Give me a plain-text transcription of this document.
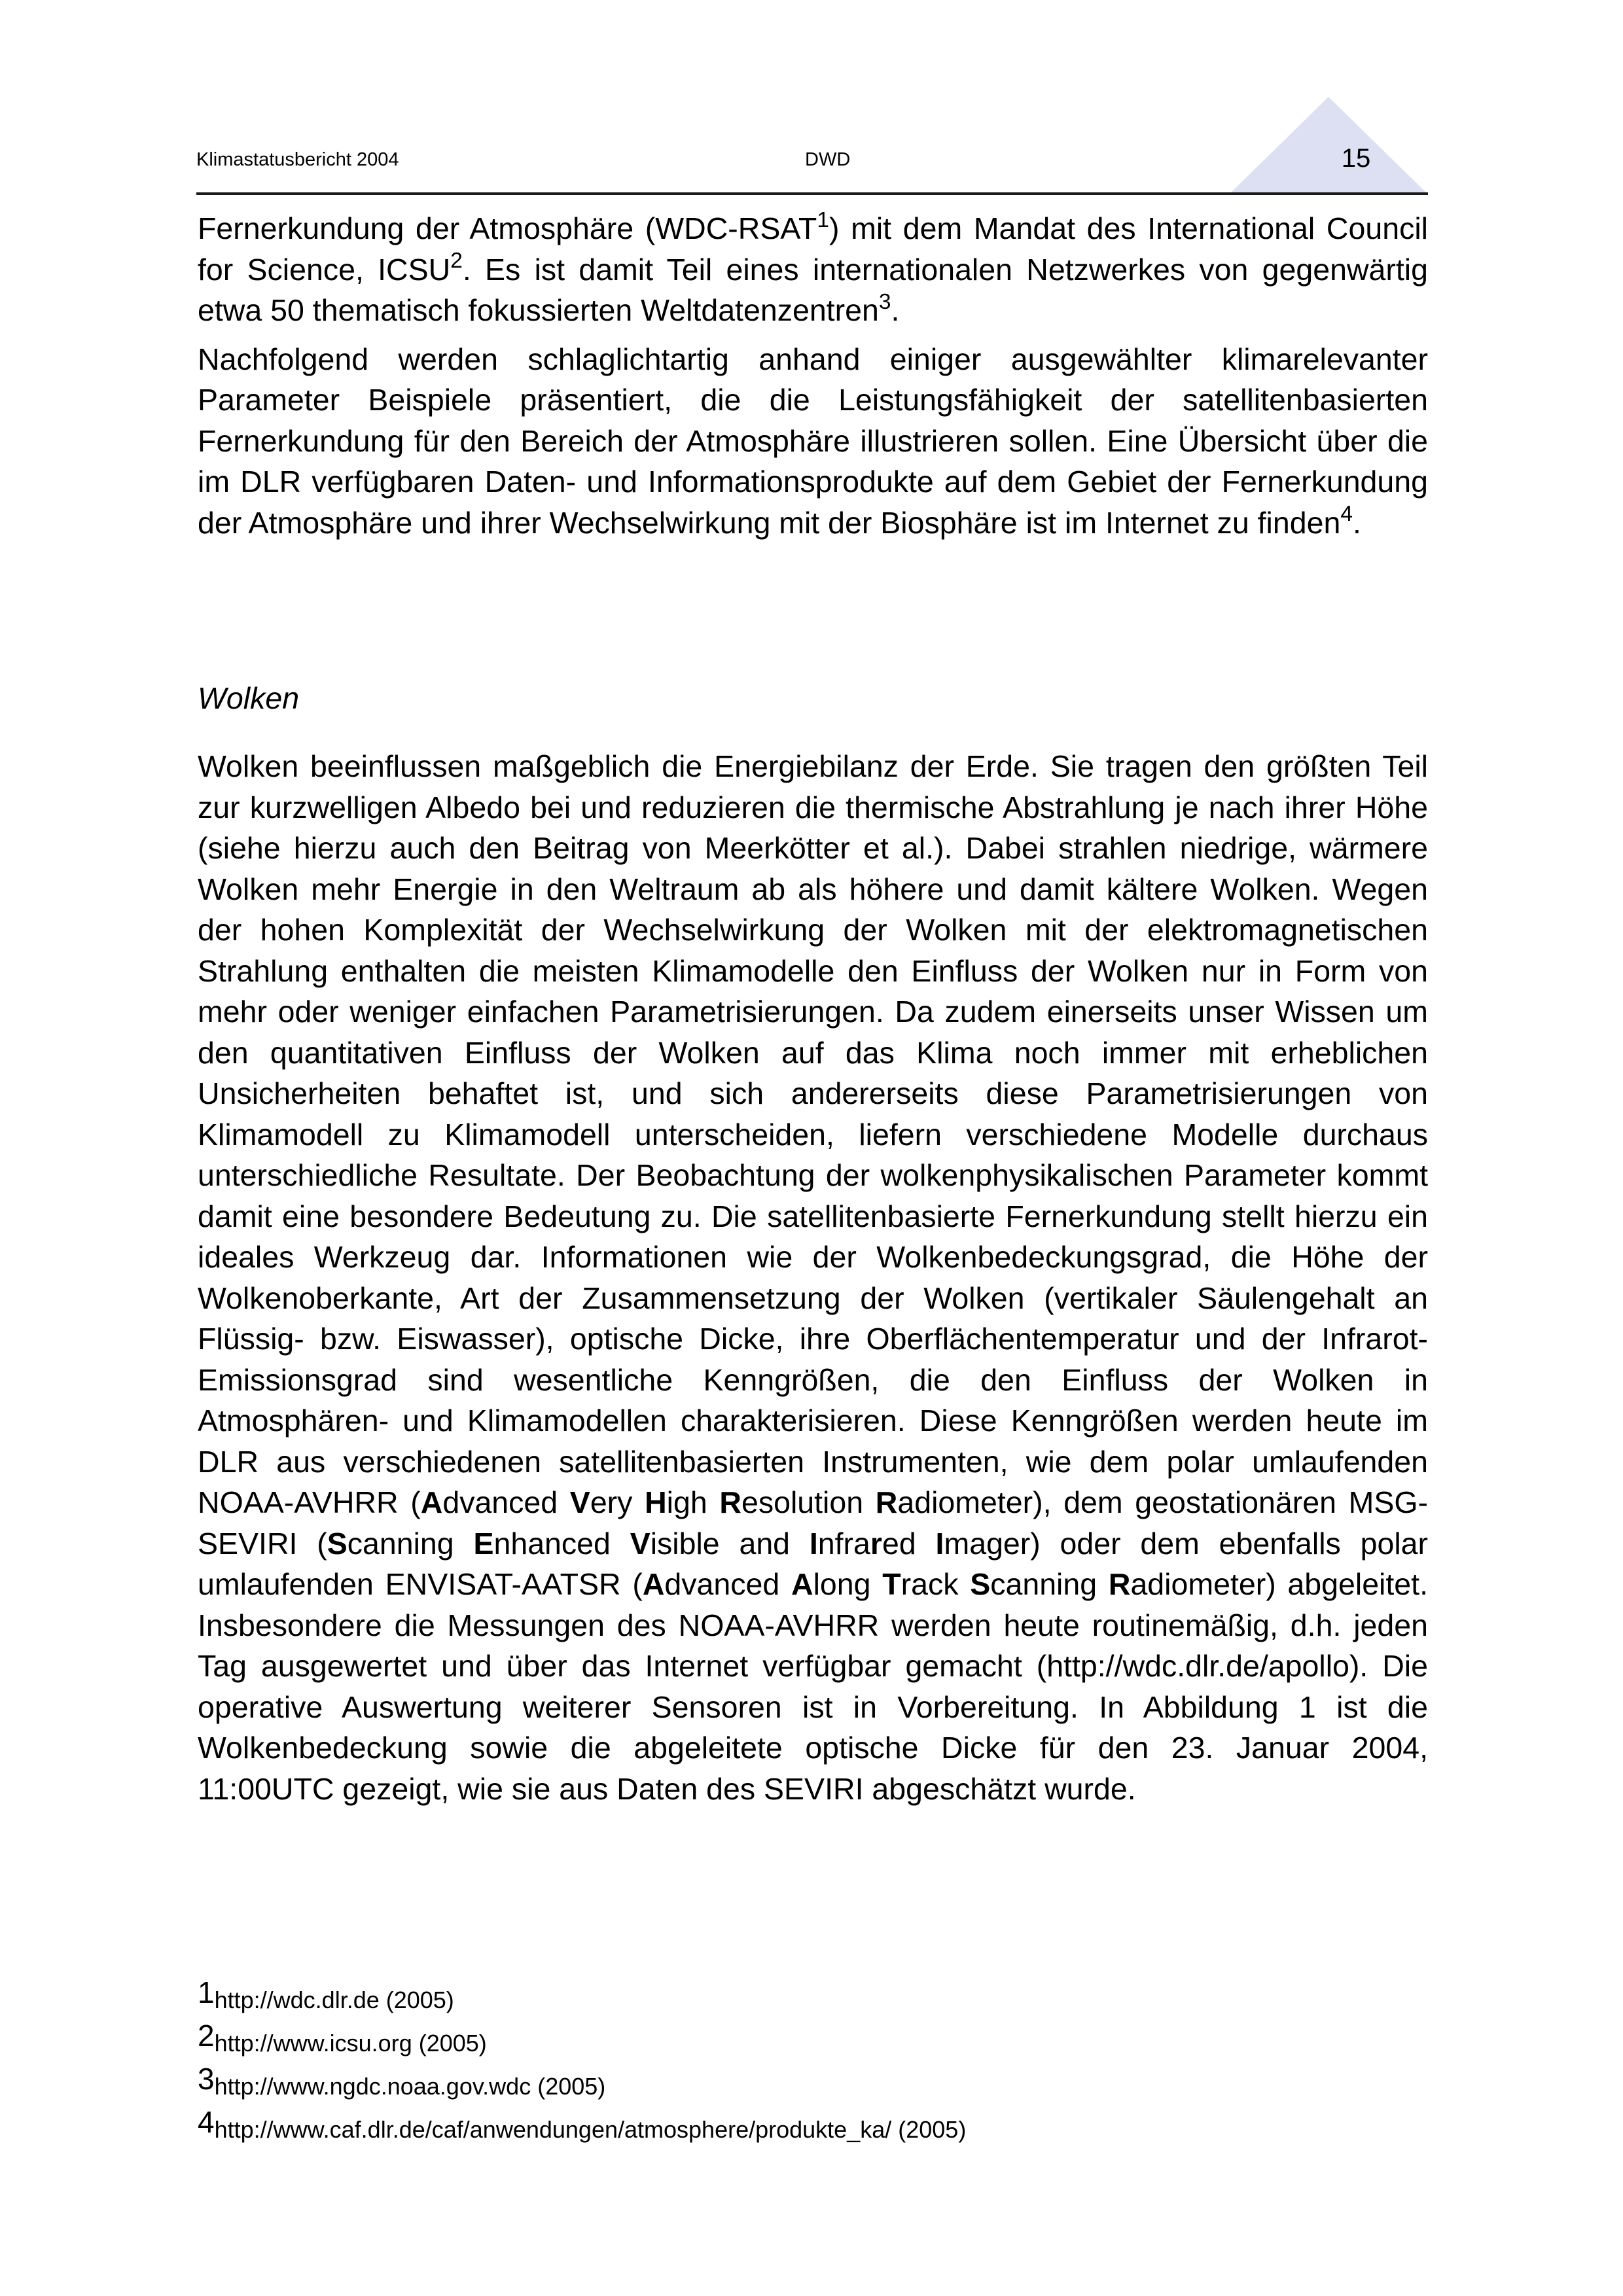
Klimastatusbericht 2004	DWD	15

Fernerkundung der Atmosphäre (WDC-RSAT$^1$) mit dem Mandat des International Council for Science, ICSU$^2$. Es ist damit Teil eines internationalen Netzwerkes von gegenwärtig etwa 50 thematisch fokussierten Weltdatenzentren$^3$.

Nachfolgend werden schlaglichtartig anhand einiger ausgewählter klimarelevanter Parameter Beispiele präsentiert, die die Leistungsfähigkeit der satellitenbasierten Fernerkundung für den Bereich der Atmosphäre illustrieren sollen. Eine Übersicht über die im DLR verfügbaren Daten- und Informationsprodukte auf dem Gebiet der Fernerkundung der Atmosphäre und ihrer Wechselwirkung mit der Biosphäre ist im Internet zu finden$^4$.

Wolken

Wolken beeinflussen maßgeblich die Energiebilanz der Erde. Sie tragen den größten Teil zur kurzwelligen Albedo bei und reduzieren die thermische Abstrahlung je nach ihrer Höhe (siehe hierzu auch den Beitrag von Meerkötter et al.). Dabei strahlen niedrige, wärmere Wolken mehr Energie in den Weltraum ab als höhere und damit kältere Wolken. Wegen der hohen Komplexität der Wechselwirkung der Wolken mit der elektromagnetischen Strahlung enthalten die meisten Klimamodelle den Einfluss der Wolken nur in Form von mehr oder weniger einfachen Parametrisierungen. Da zudem einerseits unser Wissen um den quantitativen Einfluss der Wolken auf das Klima noch immer mit erheblichen Unsicherheiten behaftet ist, und sich andererseits diese Parametrisierungen von Klimamodell zu Klimamodell unterscheiden, liefern verschiedene Modelle durchaus unterschiedliche Resultate. Der Beobachtung der wolkenphysikalischen Parameter kommt damit eine besondere Bedeutung zu. Die satellitenbasierte Fernerkundung stellt hierzu ein ideales Werkzeug dar. Informationen wie der Wolkenbedeckungsgrad, die Höhe der Wolkenoberkante, Art der Zusammensetzung der Wolken (vertikaler Säulengehalt an Flüssig- bzw. Eiswasser), optische Dicke, ihre Oberflächentemperatur und der Infrarot-Emissionsgrad sind wesentliche Kenngrößen, die den Einfluss der Wolken in Atmosphären- und Klimamodellen charakterisieren. Diese Kenngrößen werden heute im DLR aus verschiedenen satellitenbasierten Instrumenten, wie dem polar umlaufenden NOAA-AVHRR (Advanced Very High Resolution Radiometer), dem geostationären MSG-SEVIRI (Scanning Enhanced Visible and Infrared Imager) oder dem ebenfalls polar umlaufenden ENVISAT-AATSR (Advanced Along Track Scanning Radiometer) abgeleitet. Insbesondere die Messungen des NOAA-AVHRR werden heute routinemäßig, d.h. jeden Tag ausgewertet und über das Internet verfügbar gemacht (http://wdc.dlr.de/apollo). Die operative Auswertung weiterer Sensoren ist in Vorbereitung. In Abbildung 1 ist die Wolkenbedeckung sowie die abgeleitete optische Dicke für den 23. Januar 2004, 11:00UTC gezeigt, wie sie aus Daten des SEVIRI abgeschätzt wurde.

1http://wdc.dlr.de (2005)
2http://www.icsu.org (2005)
3http://www.ngdc.noaa.gov.wdc (2005)
4http://www.caf.dlr.de/caf/anwendungen/atmosphere/produkte_ka/ (2005)
